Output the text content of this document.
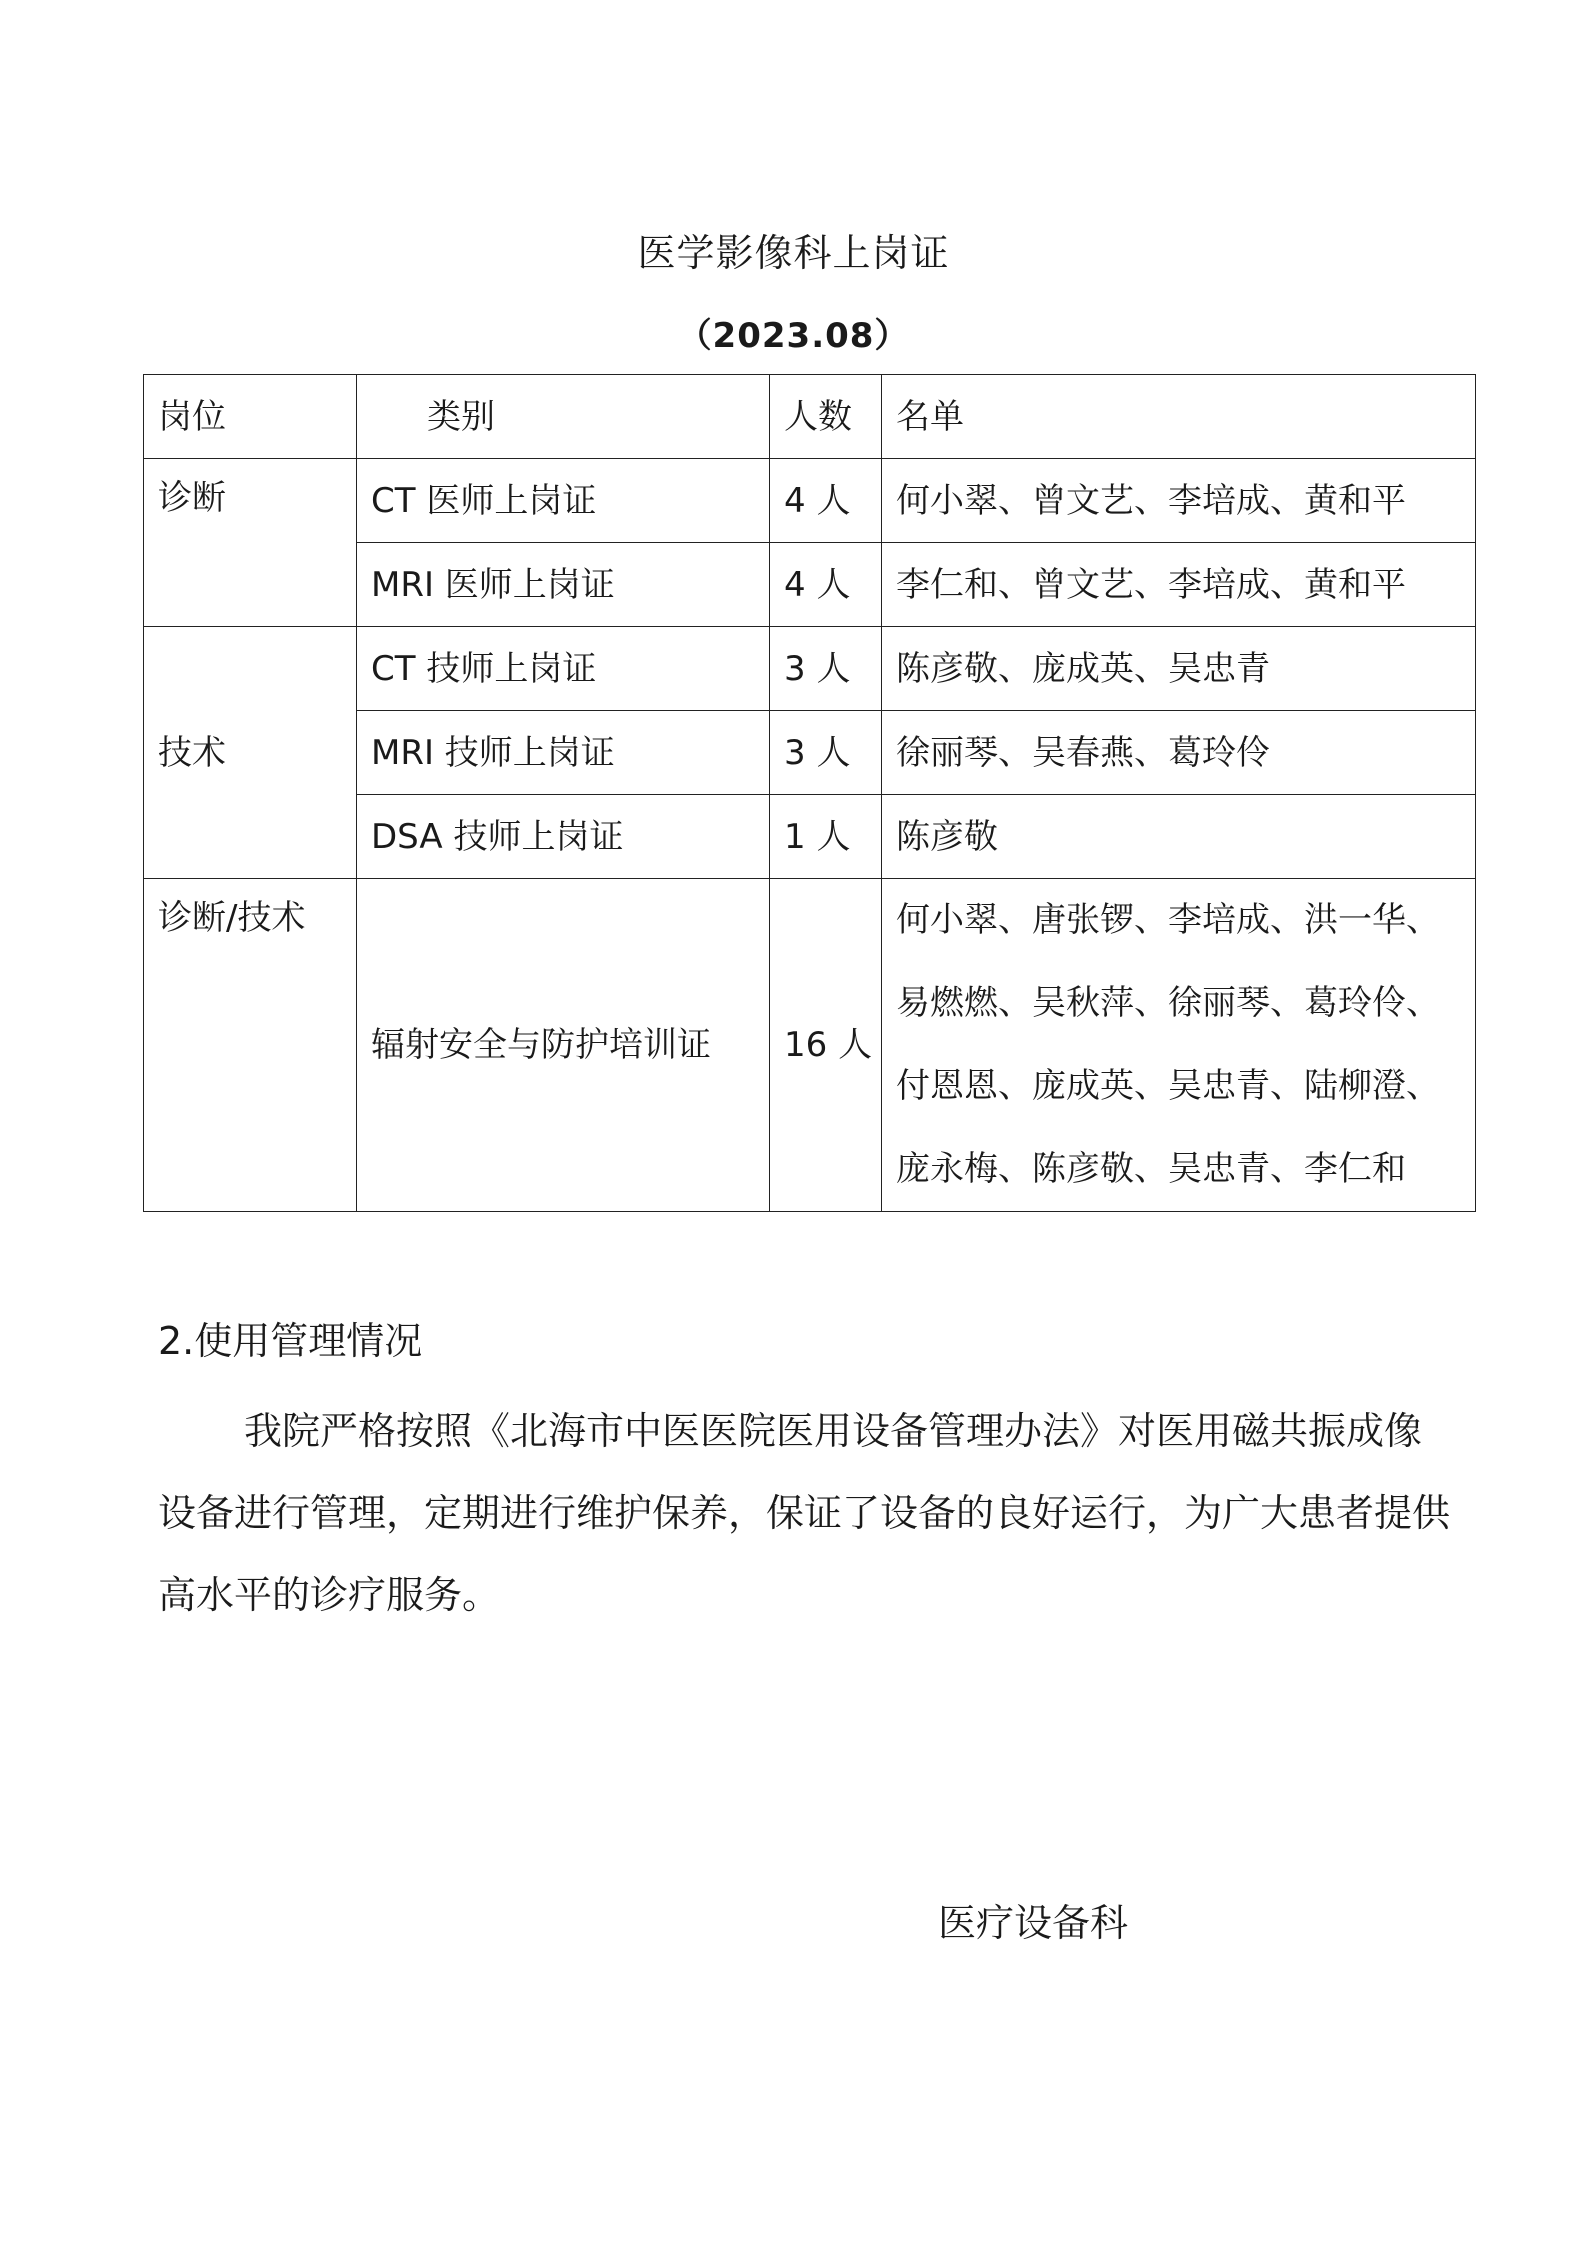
医学影像科上岗证
（2023.08）
岗位	类别	人数	名单
诊断	CT 医师上岗证	4 人	何小翠、曾文艺、李培成、黄和平
	MRI 医师上岗证	4 人	李仁和、曾文艺、李培成、黄和平
技术	CT 技师上岗证	3 人	陈彦敬、庞成英、吴忠青
	MRI 技师上岗证	3 人	徐丽琴、吴春燕、葛玲伶
	DSA 技师上岗证	1 人	陈彦敬
诊断/技术	辐射安全与防护培训证	16 人	何小翠、唐张锣、李培成、洪一华、
易燃燃、吴秋萍、徐丽琴、葛玲伶、
付恩恩、庞成英、吴忠青、陆柳澄、
庞永梅、陈彦敬、吴忠青、李仁和
2.使用管理情况
我院严格按照《北海市中医医院医用设备管理办法》对医用磁共振成像设备进行管理，定期进行维护保养，保证了设备的良好运行，为广大患者提供高水平的诊疗服务。
医疗设备科
